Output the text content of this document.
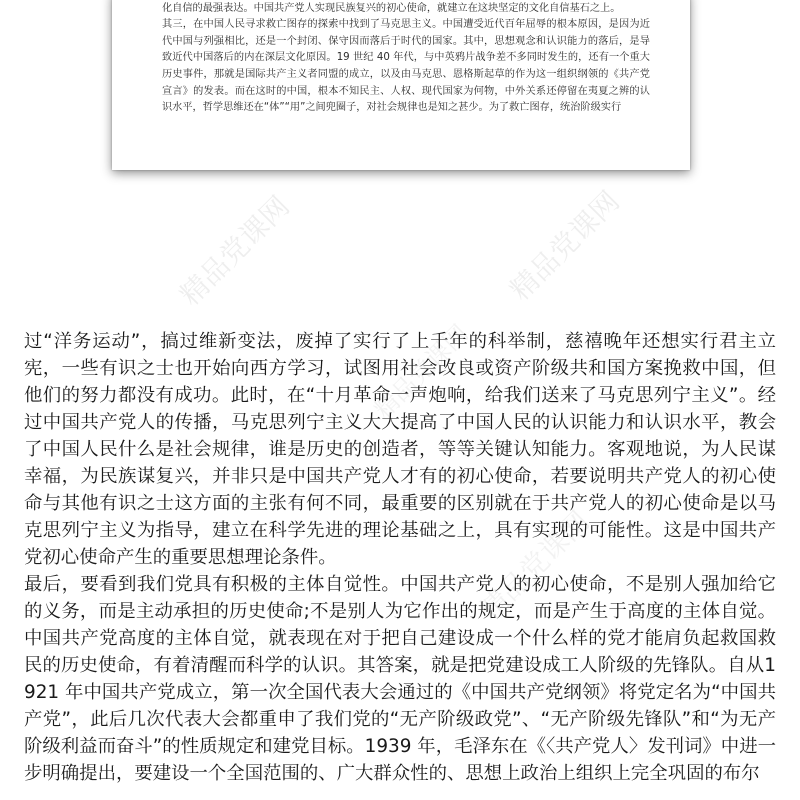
化自信的最强表达。中国共产党人实现民族复兴的初心使命，就建立在这块坚定的文化自信基石之上。

其三，在中国人民寻求救亡图存的探索中找到了马克思主义。中国遭受近代百年屈辱的根本原因，是因为近代中国与列强相比，还是一个封闭、保守因而落后于时代的国家。其中，思想观念和认识能力的落后，是导致近代中国落后的内在深层文化原因。19 世纪 40 年代，与中英鸦片战争差不多同时发生的，还有一个重大历史事件，那就是国际共产主义者同盟的成立，以及由马克思、恩格斯起草的作为这一组织纲领的《共产党宣言》的发表。而在这时的中国，根本不知民主、人权、现代国家为何物，中外关系还停留在夷夏之辨的认识水平，哲学思维还在“体”“用”之间兜圈子，对社会规律也是知之甚少。为了救亡图存，统治阶级实行

精品党课网
精品党课网

过“洋务运动”，搞过维新变法，废掉了实行了上千年的科举制，慈禧晚年还想实行君主立宪，一些有识之士也开始向西方学习，试图用社会改良或资产阶级共和国方案挽救中国，但他们的努力都没有成功。此时，在“十月革命一声炮响，给我们送来了马克思列宁主义”。经过中国共产党人的传播，马克思列宁主义大大提高了中国人民的认识能力和认识水平，教会了中国人民什么是社会规律，谁是历史的创造者，等等关键认知能力。客观地说，为人民谋幸福，为民族谋复兴，并非只是中国共产党人才有的初心使命，若要说明共产党人的初心使命与其他有识之士这方面的主张有何不同，最重要的区别就在于共产党人的初心使命是以马克思列宁主义为指导，建立在科学先进的理论基础之上，具有实现的可能性。这是中国共产党初心使命产生的重要思想理论条件。

最后，要看到我们党具有积极的主体自觉性。中国共产党人的初心使命，不是别人强加给它的义务，而是主动承担的历史使命;不是别人为它作出的规定，而是产生于高度的主体自觉。中国共产党高度的主体自觉，就表现在对于把自己建设成一个什么样的党才能肩负起救国救民的历史使命，有着清醒而科学的认识。其答案，就是把党建设成工人阶级的先锋队。自从1921 年中国共产党成立，第一次全国代表大会通过的《中国共产党纲领》将党定名为“中国共产党”，此后几次代表大会都重申了我们党的“无产阶级政党”、“无产阶级先锋队”和“为无产阶级利益而奋斗”的性质规定和建党目标。1939 年，毛泽东在《〈共产党人〉发刊词》中进一步明确提出，要建设一个全国范围的、广大群众性的、思想上政治上组织上完全巩固的布尔
